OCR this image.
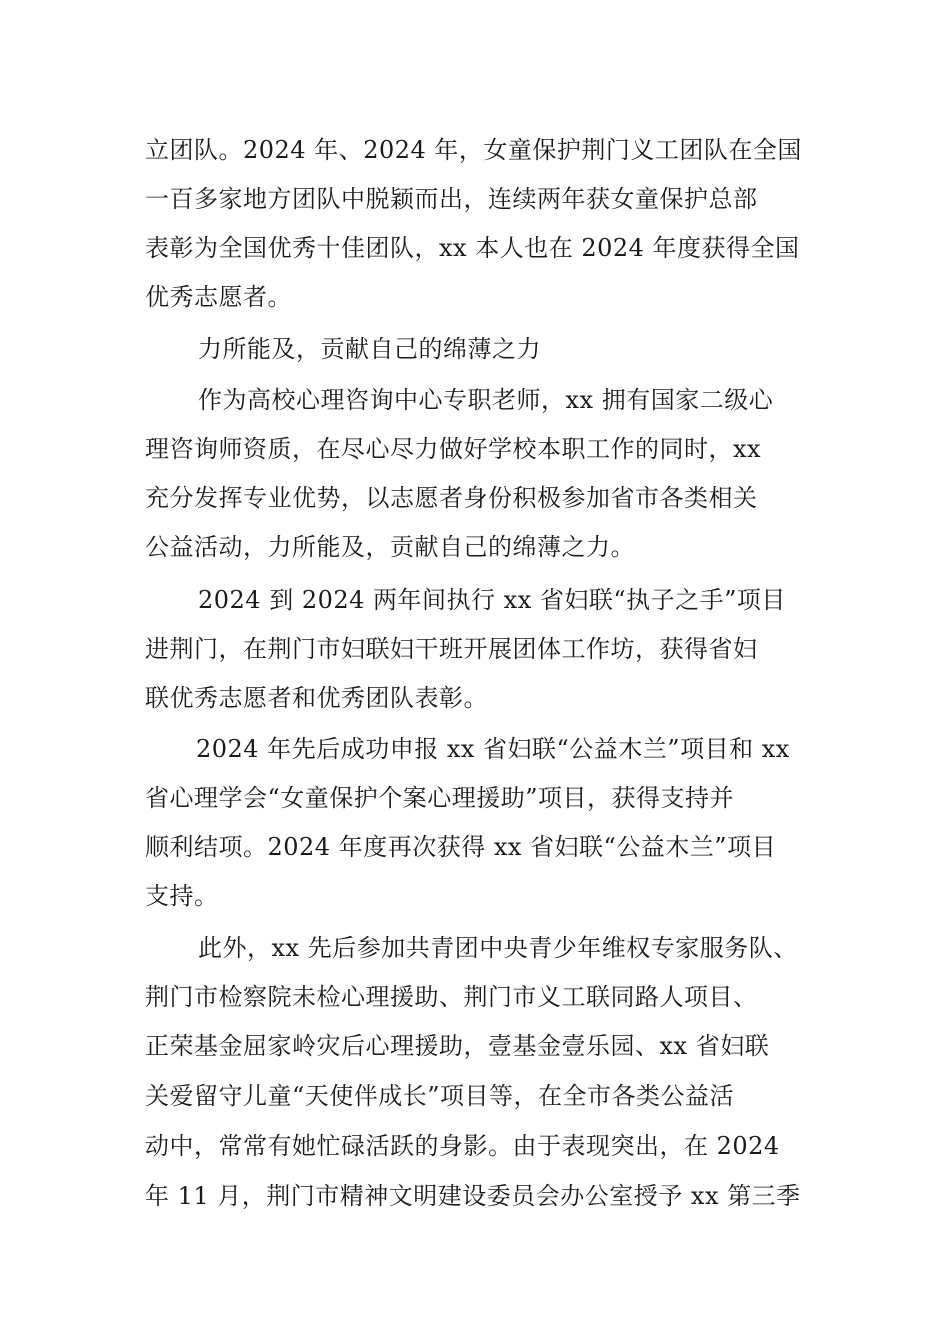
立团队。2024 年、2024 年，女童保护荆门义工团队在全国
一百多家地方团队中脱颖而出，连续两年获女童保护总部
表彰为全国优秀十佳团队，xx 本人也在 2024 年度获得全国
优秀志愿者。
力所能及，贡献自己的绵薄之力
作为高校心理咨询中心专职老师，xx 拥有国家二级心
理咨询师资质，在尽心尽力做好学校本职工作的同时，xx
充分发挥专业优势，以志愿者身份积极参加省市各类相关
公益活动，力所能及，贡献自己的绵薄之力。
2024 到 2024 两年间执行 xx 省妇联“执子之手”项目
进荆门，在荆门市妇联妇干班开展团体工作坊，获得省妇
联优秀志愿者和优秀团队表彰。
2024 年先后成功申报 xx 省妇联“公益木兰”项目和 xx
省心理学会“女童保护个案心理援助”项目，获得支持并
顺利结项。2024 年度再次获得 xx 省妇联“公益木兰”项目
支持。
此外，xx 先后参加共青团中央青少年维权专家服务队、
荆门市检察院未检心理援助、荆门市义工联同路人项目、
正荣基金屈家岭灾后心理援助，壹基金壹乐园、xx 省妇联
关爱留守儿童“天使伴成长”项目等，在全市各类公益活
动中，常常有她忙碌活跃的身影。由于表现突出，在 2024
年 11 月，荆门市精神文明建设委员会办公室授予 xx 第三季
